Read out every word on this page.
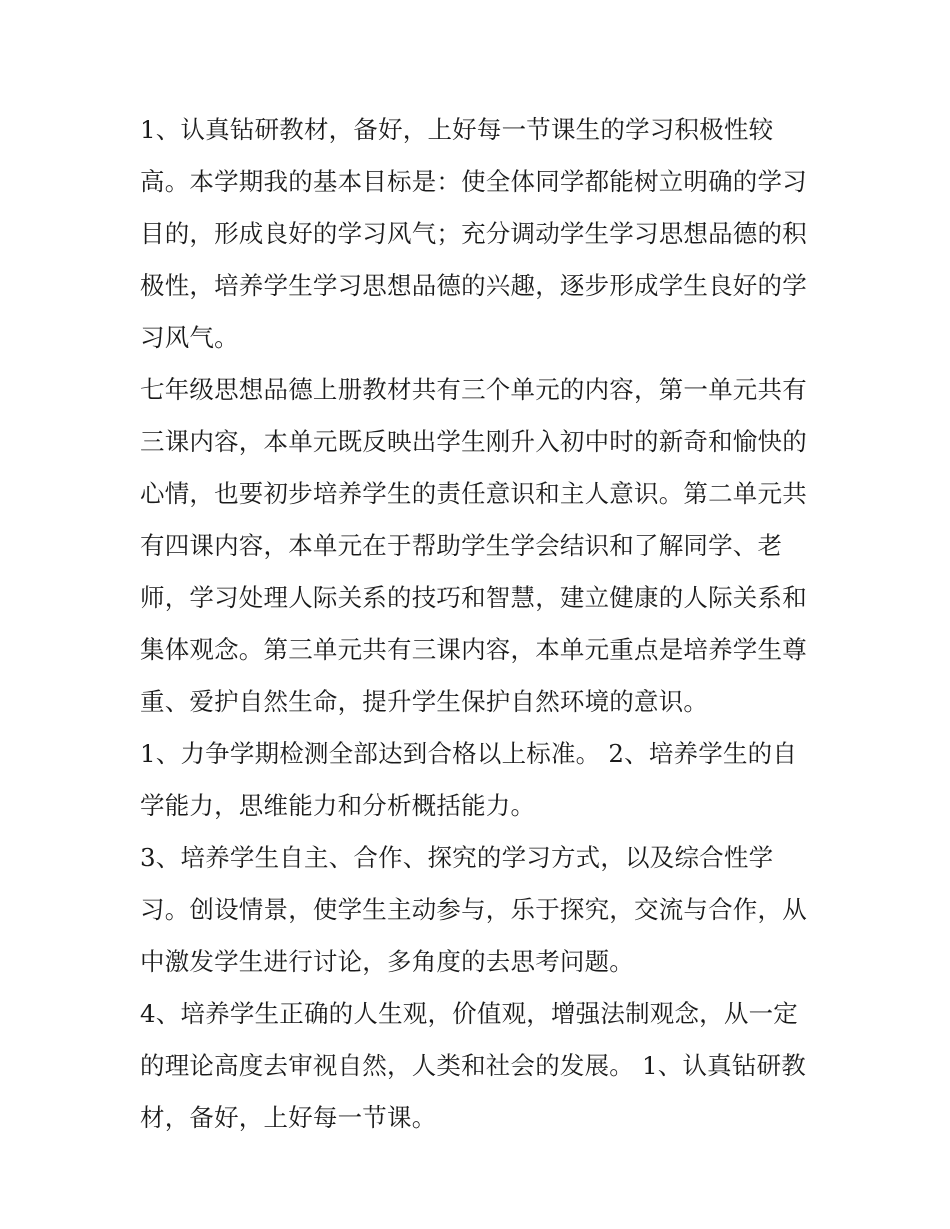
1、认真钻研教材，备好，上好每一节课生的学习积极性较
高。本学期我的基本目标是：使全体同学都能树立明确的学习
目的，形成良好的学习风气；充分调动学生学习思想品德的积
极性，培养学生学习思想品德的兴趣，逐步形成学生良好的学
习风气。
七年级思想品德上册教材共有三个单元的内容，第一单元共有
三课内容，本单元既反映出学生刚升入初中时的新奇和愉快的
心情，也要初步培养学生的责任意识和主人意识。第二单元共
有四课内容，本单元在于帮助学生学会结识和了解同学、老
师，学习处理人际关系的技巧和智慧，建立健康的人际关系和
集体观念。第三单元共有三课内容，本单元重点是培养学生尊
重、爱护自然生命，提升学生保护自然环境的意识。
1、力争学期检测全部达到合格以上标准。 2、培养学生的自
学能力，思维能力和分析概括能力。
3、培养学生自主、合作、探究的学习方式，以及综合性学
习。创设情景，使学生主动参与，乐于探究，交流与合作，从
中激发学生进行讨论，多角度的去思考问题。
4、培养学生正确的人生观，价值观，增强法制观念，从一定
的理论高度去审视自然，人类和社会的发展。 1、认真钻研教
材，备好，上好每一节课。
